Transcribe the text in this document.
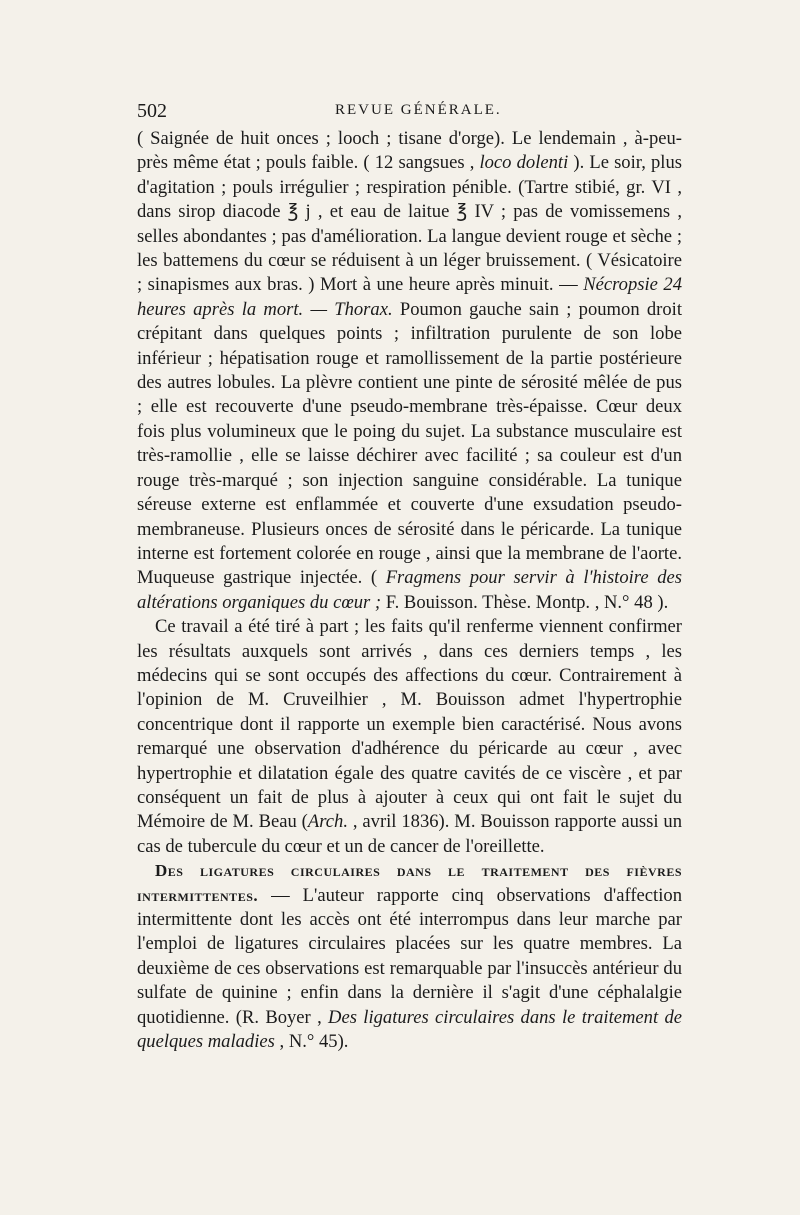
502	REVUE GÉNÉRALE.

( Saignée de huit onces ; looch ; tisane d'orge). Le lendemain , à-peu-près même état ; pouls faible. ( 12 sangsues , loco dolenti ). Le soir, plus d'agitation ; pouls irrégulier ; respiration pénible. (Tartre stibié, gr. VI , dans sirop diacode ℥ j , et eau de laitue ℥ IV ; pas de vomissemens , selles abondantes ; pas d'amélioration. La langue devient rouge et sèche ; les battemens du cœur se réduisent à un léger bruissement. ( Vésicatoire ; sinapismes aux bras. ) Mort à une heure après minuit. — Nécropsie 24 heures après la mort. — Thorax. Poumon gauche sain ; poumon droit crépitant dans quelques points ; infiltration purulente de son lobe inférieur ; hépatisation rouge et ramollissement de la partie postérieure des autres lobules. La plèvre contient une pinte de sérosité mêlée de pus ; elle est recouverte d'une pseudo-membrane très-épaisse. Cœur deux fois plus volumineux que le poing du sujet. La substance musculaire est très-ramollie , elle se laisse déchirer avec facilité ; sa couleur est d'un rouge très-marqué ; son injection sanguine considérable. La tunique séreuse externe est enflammée et couverte d'une exsudation pseudo-membraneuse. Plusieurs onces de sérosité dans le péricarde. La tunique interne est fortement colorée en rouge , ainsi que la membrane de l'aorte. Muqueuse gastrique injectée. ( Fragmens pour servir à l'histoire des altérations organiques du cœur ; F. Bouisson. Thèse. Montp. , N.° 48 ).

Ce travail a été tiré à part ; les faits qu'il renferme viennent confirmer les résultats auxquels sont arrivés , dans ces derniers temps , les médecins qui se sont occupés des affections du cœur. Contrairement à l'opinion de M. Cruveilhier , M. Bouisson admet l'hypertrophie concentrique dont il rapporte un exemple bien caractérisé. Nous avons remarqué une observation d'adhérence du péricarde au cœur , avec hypertrophie et dilatation égale des quatre cavités de ce viscère , et par conséquent un fait de plus à ajouter à ceux qui ont fait le sujet du Mémoire de M. Beau (Arch. , avril 1836). M. Bouisson rapporte aussi un cas de tubercule du cœur et un de cancer de l'oreillette.

Des ligatures circulaires dans le traitement des fièvres intermittentes. — L'auteur rapporte cinq observations d'affection intermittente dont les accès ont été interrompus dans leur marche par l'emploi de ligatures circulaires placées sur les quatre membres. La deuxième de ces observations est remarquable par l'insuccès antérieur du sulfate de quinine ; enfin dans la dernière il s'agit d'une céphalalgie quotidienne. (R. Boyer , Des ligatures circulaires dans le traitement de quelques maladies , N.° 45).
